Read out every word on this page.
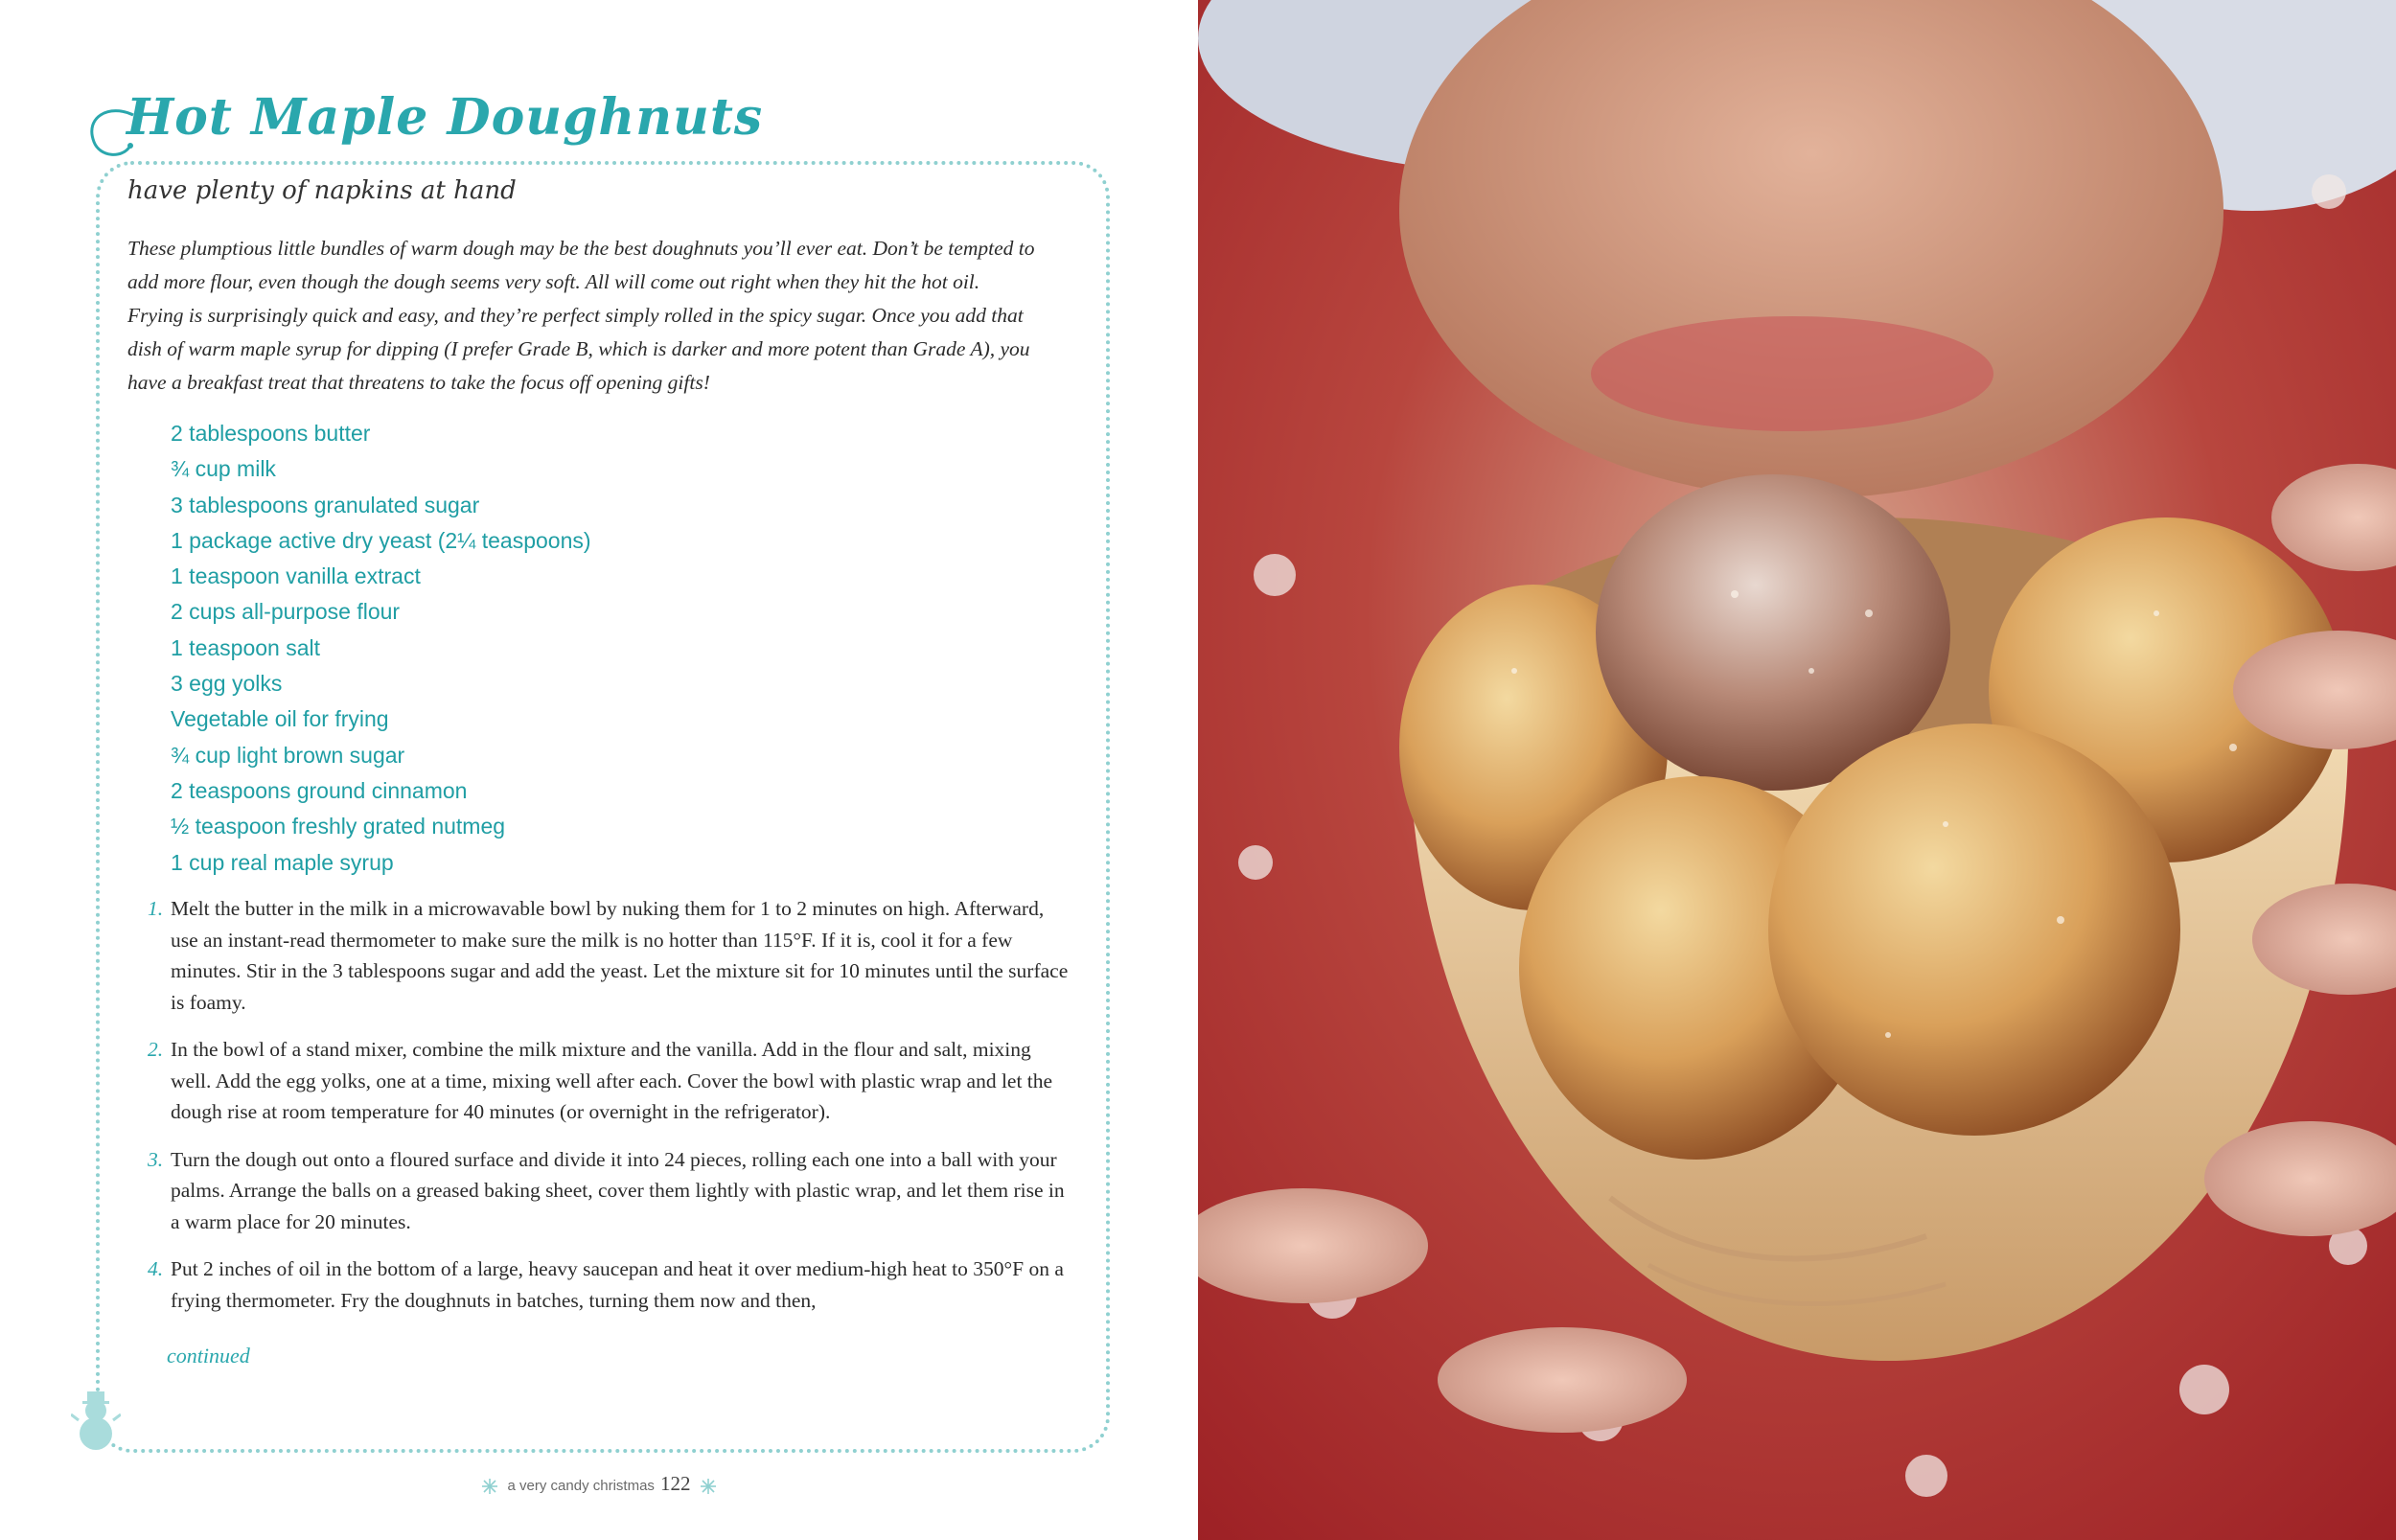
Hot Maple Doughnuts
have plenty of napkins at hand
These plumptious little bundles of warm dough may be the best doughnuts you’ll ever eat. Don’t be tempted to add more flour, even though the dough seems very soft. All will come out right when they hit the hot oil. Frying is surprisingly quick and easy, and they’re perfect simply rolled in the spicy sugar. Once you add that dish of warm maple syrup for dipping (I prefer Grade B, which is darker and more potent than Grade A), you have a breakfast treat that threatens to take the focus off opening gifts!
2 tablespoons butter
¾ cup milk
3 tablespoons granulated sugar
1 package active dry yeast (2¼ teaspoons)
1 teaspoon vanilla extract
2 cups all-purpose flour
1 teaspoon salt
3 egg yolks
Vegetable oil for frying
¾ cup light brown sugar
2 teaspoons ground cinnamon
½ teaspoon freshly grated nutmeg
1 cup real maple syrup
1. Melt the butter in the milk in a microwavable bowl by nuking them for 1 to 2 minutes on high. Afterward, use an instant-read thermometer to make sure the milk is no hotter than 115°F. If it is, cool it for a few minutes. Stir in the 3 tablespoons sugar and add the yeast. Let the mixture sit for 10 minutes until the surface is foamy.
2. In the bowl of a stand mixer, combine the milk mixture and the vanilla. Add in the flour and salt, mixing well. Add the egg yolks, one at a time, mixing well after each. Cover the bowl with plastic wrap and let the dough rise at room temperature for 40 minutes (or overnight in the refrigerator).
3. Turn the dough out onto a floured surface and divide it into 24 pieces, rolling each one into a ball with your palms. Arrange the balls on a greased baking sheet, cover them lightly with plastic wrap, and let them rise in a warm place for 20 minutes.
4. Put 2 inches of oil in the bottom of a large, heavy saucepan and heat it over medium-high heat to 350°F on a frying thermometer. Fry the doughnuts in batches, turning them now and then,
continued
a very candy christmas 122
